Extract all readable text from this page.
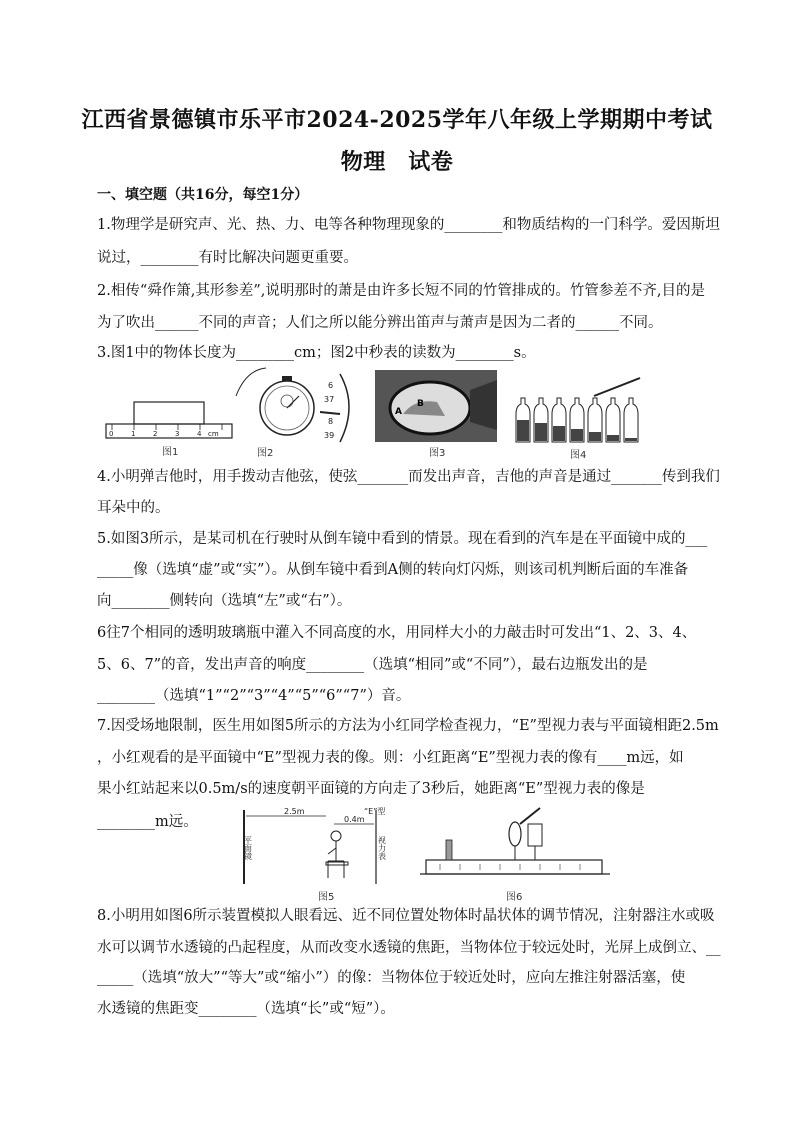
江西省景德镇市乐平市2024-2025学年八年级上学期期中考试
物理　试卷
一、填空题（共16分，每空1分）
1.物理学是研究声、光、热、力、电等各种物理现象的________和物质结构的一门科学。爱因斯坦
说过，________有时比解决问题更重要。
2.相传“舜作箫,其形参差”,说明那时的萧是由许多长短不同的竹管排成的。竹管参差不齐,目的是
为了吹出______不同的声音；人们之所以能分辨出笛声与萧声是因为二者的______不同。
3.图1中的物体长度为________cm；图2中秒表的读数为________s。
0	1	2	3	4 cm
图1
6
37
8
39
图2
A
B
图3	图4
4.小明弹吉他时，用手拨动吉他弦，使弦_______而发出声音，吉他的声音是通过_______传到我们
耳朵中的。
5.如图3所示，是某司机在行驶时从倒车镜中看到的情景。现在看到的汽车是在平面镜中成的___
_____像（选填“虚”或“实”）。从倒车镜中看到A侧的转向灯闪烁，则该司机判断后面的车准备
向________侧转向（选填“左”或“右”）。
6往7个相同的透明玻璃瓶中灌入不同高度的水，用同样大小的力敲击时可发出“1、2、3、4、
5、6、7”的音，发出声音的响度________（选填“相同”或“不同”），最右边瓶发出的是
________（选填“1”“2”“3”“4”“5”“6”“7”）音。
7.因受场地限制，医生用如图5所示的方法为小红同学检查视力，“E”型视力表与平面镜相距2.5m
，小红观看的是平面镜中“E”型视力表的像。则：小红距离“E”型视力表的像有____m远，如
果小红站起来以0.5m/s的速度朝平面镜的方向走了3秒后，她距离“E”型视力表的像是
________m远。
2.5m
0.4m
“E”型
平面镜	视力表
图5	图6
8.小明用如图6所示装置模拟人眼看远、近不同位置处物体时晶状体的调节情况，注射器注水或吸
水可以调节水透镜的凸起程度，从而改变水透镜的焦距，当物体位于较远处时，光屏上成倒立、__
_____（选填“放大”“等大”或“缩小”）的像：当物体位于较近处时，应向左推注射器活塞，使
水透镜的焦距变________（选填“长”或“短”）。
